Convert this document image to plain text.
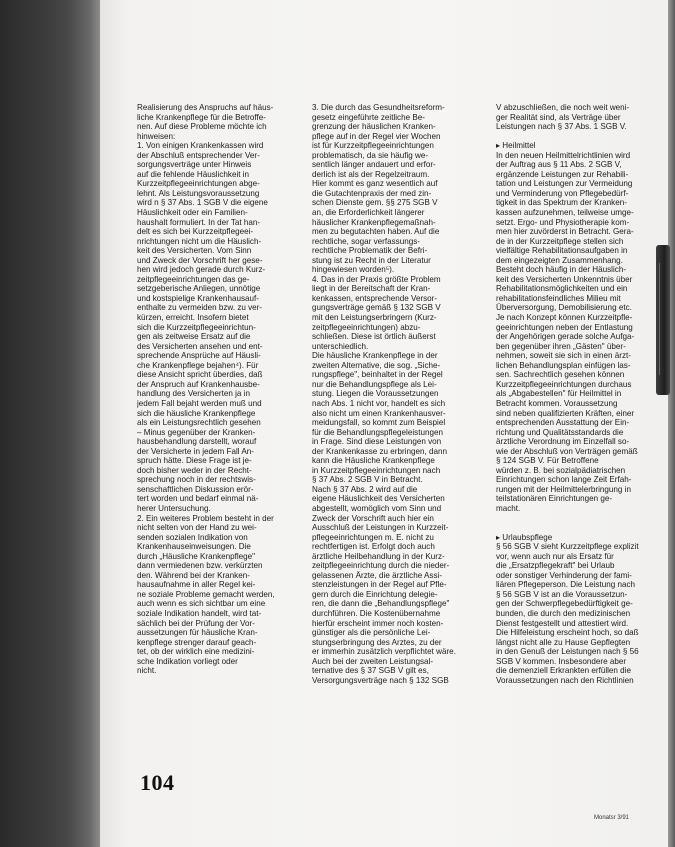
Realisierung des Anspruchs auf häus-
liche Krankenpflege für die Betroffe-
nen. Auf diese Probleme möchte ich
hinweisen:
1. Von einigen Krankenkassen wird
der Abschluß entsprechender Ver-
sorgungsverträge unter Hinweis
auf die fehlende Häuslichkeit in
Kurzzeitpflegeeinrichtungen abge-
lehnt. Als Leistungsvoraussetzung
wird n § 37 Abs. 1 SGB V die eigene
Häuslichkeit oder ein Familien-
haushalt formuliert. In der Tat han-
delt es sich bei Kurzzeitpflegeei-
nrichtungen nicht um die Häuslich-
keit des Versicherten. Vom Sinn
und Zweck der Vorschrift her gese-
hen wird jedoch gerade durch Kurz-
zeitpflegeeinrichtungen das ge-
setzgeberische Anliegen, unnötige
und kostspielige Krankenhausauf-
enthalte zu vermeiden bzw. zu ver-
kürzen, erreicht. Insofern bietet
sich die Kurzzeitpflegeeinrichtun-
gen als zeitweise Ersatz auf die
des Versicherten ansehen und ent-
sprechende Ansprüche auf Häusli-
che Krankenpflege bejahen⁴). Für
diese Ansicht spricht überdies, daß
der Anspruch auf Krankenhausbe-
handlung des Versicherten ja in
jedem Fall bejaht werden muß und
sich die häusliche Krankenpflege
als ein Leistungsrechtlich gesehen
– Minus gegenüber der Kranken-
hausbehandlung darstellt, worauf
der Versicherte in jedem Fall An-
spruch hätte. Diese Frage ist je-
doch bisher weder in der Recht-
sprechung noch in der rechtswis-
senschaftlichen Diskussion erör-
tert worden und bedarf einmal nä-
herer Untersuchung.
2. Ein weiteres Problem besteht in der
nicht selten von der Hand zu wei-
senden sozialen Indikation von
Krankenhauseinweisungen. Die
durch „Häusliche Krankenpflege"
dann vermiedenen bzw. verkürzten
den. Während bei der Kranken-
hausaufnahme in aller Regel kei-
ne soziale Probleme gemacht werden,
auch wenn es sich sichtbar um eine
soziale Indikation handelt, wird tat-
sächlich bei der Prüfung der Vor-
aussetzungen für häusliche Kran-
kenpflege strenger darauf geach-
tet, ob der wirklich eine medizini-
sche Indikation vorliegt oder
nicht.
3. Die durch das Gesundheitsreform-
gesetz eingeführte zeitliche Be-
grenzung der häuslichen Kranken-
pflege auf in der Regel vier Wochen
ist für Kurzzeitpflegeeinrichtungen
problematisch, da sie häufig we-
sentlich länger andauert und erfor-
derlich ist als der Regelzeitraum.
Hier kommt es ganz wesentlich auf
die Gutachtenpraxis der med zin-
schen Dienste gem. §§ 275 SGB V
an, die Erforderlichkeit längerer
häuslicher Krankenpflegemaßnah-
men zu begutachten haben. Auf die
rechtliche, sogar verfassungs-
rechtliche Problematik der Befri-
stung ist zu Recht in der Literatur
hingewiesen worden⁵).
4. Das in der Praxis größte Problem
liegt in der Bereitschaft der Kran-
kenkassen, entsprechende Versor-
gungsverträge gemäß § 132 SGB V
mit den Leistungserbringern (Kurz-
zeitpflegeeinrichtungen) abzu-
schließen. Diese ist örtlich äußerst
unterschiedlich.
Die häusliche Krankenpflege in der
zweiten Alternative, die sog. „Siche-
rungspflege", beinhaltet in der Regel
nur die Behandlungspflege als Lei-
stung. Liegen die Voraussetzungen
nach Abs. 1 nicht vor, handelt es sich
also nicht um einen Krankenhausver-
meidungsfall, so kommt zum Beispiel
für die Behandlungspflegeleistungen
in Frage. Sind diese Leistungen von
der Krankenkasse zu erbringen, dann
kann die Häusliche Krankenpflege
in Kurzzeitpflegeeinrichtungen nach
§ 37 Abs. 2 SGB V in Betracht.
Nach § 37 Abs. 2 wird auf die
eigene Häuslichkeit des Versicherten
abgestellt, womöglich vom Sinn und
Zweck der Vorschrift auch hier ein
Ausschluß der Leistungen in Kurzzeit-
pflegeeinrichtungen m. E. nicht zu
rechtfertigen ist. Erfolgt doch auch
ärztliche Heilbehandlung in der Kurz-
zeitpflegeeinrichtung durch die nieder-
gelassenen Ärzte, die ärztliche Assi-
stenzleistungen in der Regel auf Pfle-
gern durch die Einrichtung delegie-
ren, die dann die „Behandlungspflege"
durchführen. Die Kostenübernahme
hierfür erscheint immer noch kosten-
günstiger als die persönliche Lei-
stungserbringung des Arztes, zu der
er immerhin zusätzlich verpflichtet wäre.
Auch bei der zweiten Leistungsal-
ternative des § 37 SGB V gilt es,
Versorgungsverträge nach § 132 SGB
V abzuschließen, die noch weit weni-
ger Realität sind, als Verträge über
Leistungen nach § 37 Abs. 1 SGB V.
▸ Heilmittel
In den neuen Heilmittelrichtlinien wird
der Auftrag aus § 11 Abs. 2 SGB V,
ergänzende Leistungen zur Rehabili-
tation und Leistungen zur Vermeidung
und Verminderung von Pflegebedürf-
tigkeit in das Spektrum der Kranken-
kassen aufzunehmen, teilweise umge-
setzt. Ergo- und Physiotherapie kom-
men hier zuvörderst in Betracht. Gera-
de in der Kurzzeitpflege stellen sich
vielfältige Rehabilitationsaufgaben in
dem eingezeigten Zusammenhang.
Besteht doch häufig in der Häuslich-
keit des Versicherten Unkenntnis über
Rehabilitationsmöglichkeiten und ein
rehabilitationsfeindliches Milieu mit
Überversorgung, Demobilisierung etc.
Je nach Konzept können Kurzzeitpfle-
geeinrichtungen neben der Entlastung
der Angehörigen gerade solche Aufga-
ben gegenüber ihren „Gästen" über-
nehmen, soweit sie sich in einen ärzt-
lichen Behandlungsplan einfügen las-
sen. Sachrechtlich gesehen können
Kurzzeitpflegeeinrichtungen durchaus
als „Abgabestellen" für Heilmittel in
Betracht kommen. Voraussetzung
sind neben qualifizierten Kräften, einer
entsprechenden Ausstattung der Ein-
richtung und Qualitätsstandards die
ärztliche Verordnung im Einzelfall so-
wie der Abschluß von Verträgen gemäß
§ 124 SGB V. Für Betroffene
würden z. B. bei sozialpädiatrischen
Einrichtungen schon lange Zeit Erfah-
rungen mit der Heilmittelerbringung in
teilstationären Einrichtungen ge-
macht.
▸ Urlaubspflege
§ 56 SGB V sieht Kurzzeitpflege explizit
vor, wenn auch nur als Ersatz für
die „Ersatzpflegekraft" bei Urlaub
oder sonstiger Verhinderung der fami-
liären Pflegeperson. Die Leistung nach
§ 56 SGB V ist an die Voraussetzun-
gen der Schwerpflegebedürftigkeit ge-
bunden, die durch den medizinischen
Dienst festgestellt und attestiert wird.
Die Hilfeleistung erscheint hoch, so daß
längst nicht alle zu Hause Gepflegten
in den Genuß der Leistungen nach § 56
SGB V kommen. Insbesondere aber
die demenziell Erkrankten erfüllen die
Voraussetzungen nach den Richtlinien
104
Monatsr 3/91
